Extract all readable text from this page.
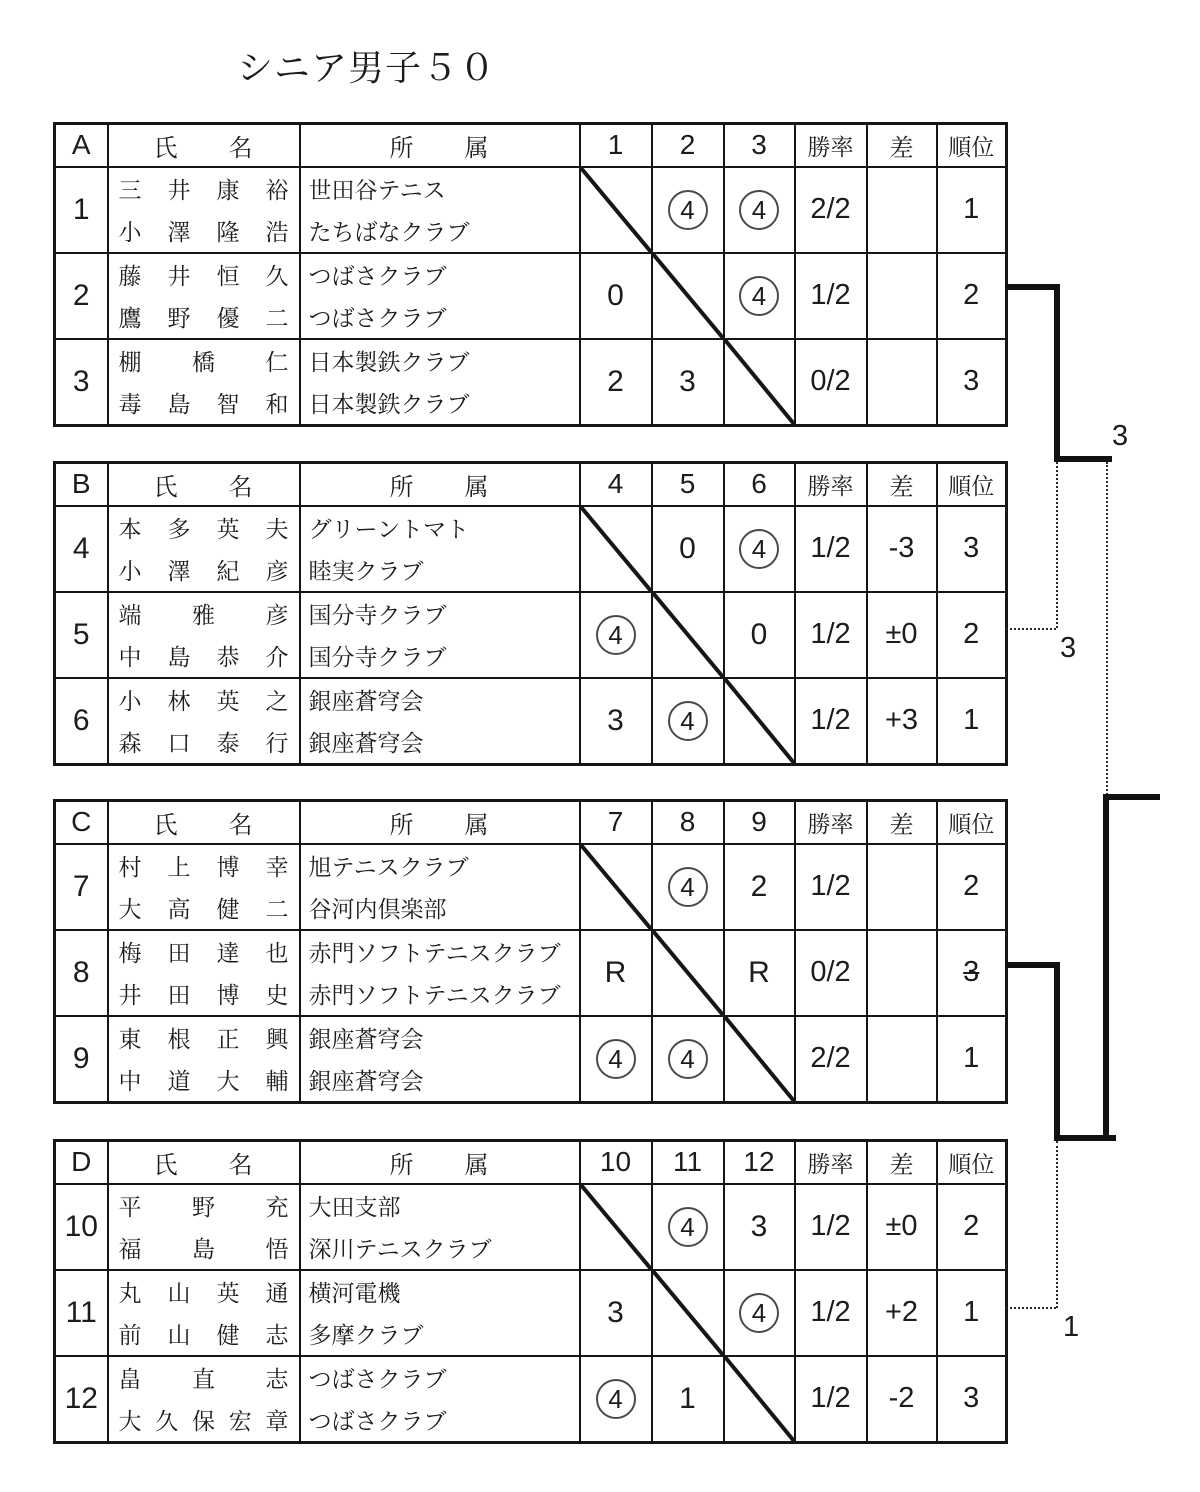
シニア男子５０
A	氏　　名	所　　属	1	2	3	勝率	差	順位
1	
三 井 康 裕
小 澤 隆 浩

世田谷テニス
たちばなクラブ

	4	4	2/2		1
2	
藤 井 恒 久
鷹 野 優 二

つばさクラブ
つばさクラブ
	0		4	1/2		2
3	
棚 橋 仁
毒 島 智 和

日本製鉄クラブ
日本製鉄クラブ
	2	3		0/2		3
B	氏　　名	所　　属	4	5	6	勝率	差	順位
4	
本 多 英 夫
小 澤 紀 彦

グリーントマト
睦実クラブ

	0	4	1/2	-3	3
5	
端 雅 彦
中 島 恭 介

国分寺クラブ
国分寺クラブ
	4		0	1/2	±0	2
6	
小 林 英 之
森 口 泰 行

銀座蒼穹会
銀座蒼穹会
	3	4		1/2	+3	1
C	氏　　名	所　　属	7	8	9	勝率	差	順位
7	
村 上 博 幸
大 高 健 二

旭テニスクラブ
谷河内倶楽部

	4	2	1/2		2
8	
梅 田 達 也
井 田 博 史

赤門ソフトテニスクラブ
赤門ソフトテニスクラブ
	R		R	0/2		3
9	
東 根 正 興
中 道 大 輔

銀座蒼穹会
銀座蒼穹会
	4	4		2/2		1
D	氏　　名	所　　属	10	11	12	勝率	差	順位
10	
平 野 充
福 島 悟

大田支部
深川テニスクラブ

	4	3	1/2	±0	2
11	
丸 山 英 通
前 山 健 志

横河電機
多摩クラブ
	3		4	1/2	+2	1
12	
畠 直 志
大 久 保 宏 章

つばさクラブ
つばさクラブ
	4	1		1/2	-2	3
3
3
1
